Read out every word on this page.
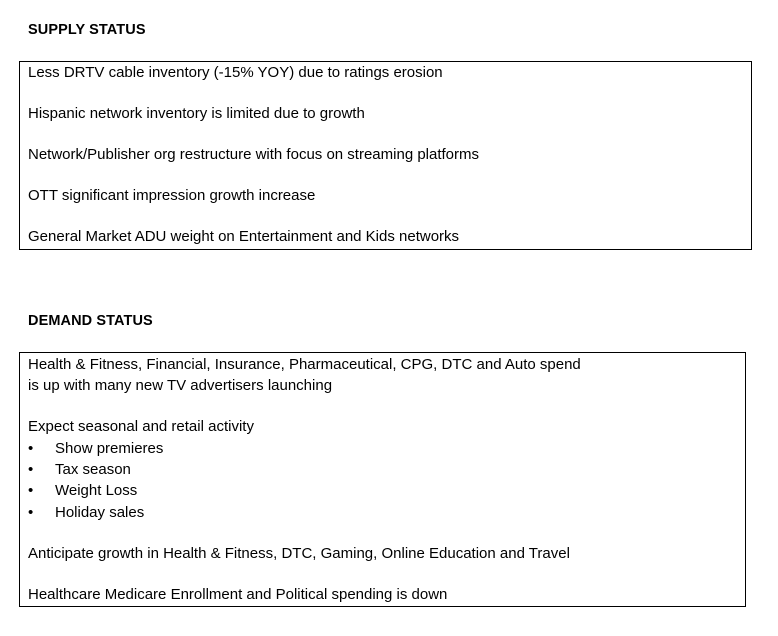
SUPPLY STATUS
Less DRTV cable inventory (-15% YOY) due to ratings erosion
Hispanic network inventory is limited due to growth
Network/Publisher org restructure with focus on streaming platforms
OTT significant impression growth increase
General Market ADU weight on Entertainment and Kids networks
DEMAND STATUS
Health & Fitness, Financial, Insurance, Pharmaceutical, CPG, DTC and Auto spend
is up with many new TV advertisers launching
Expect seasonal and retail activity
• Show premieres
• Tax season
• Weight Loss
• Holiday sales
Anticipate growth in Health & Fitness, DTC, Gaming, Online Education and Travel
Healthcare Medicare Enrollment and Political spending is down
